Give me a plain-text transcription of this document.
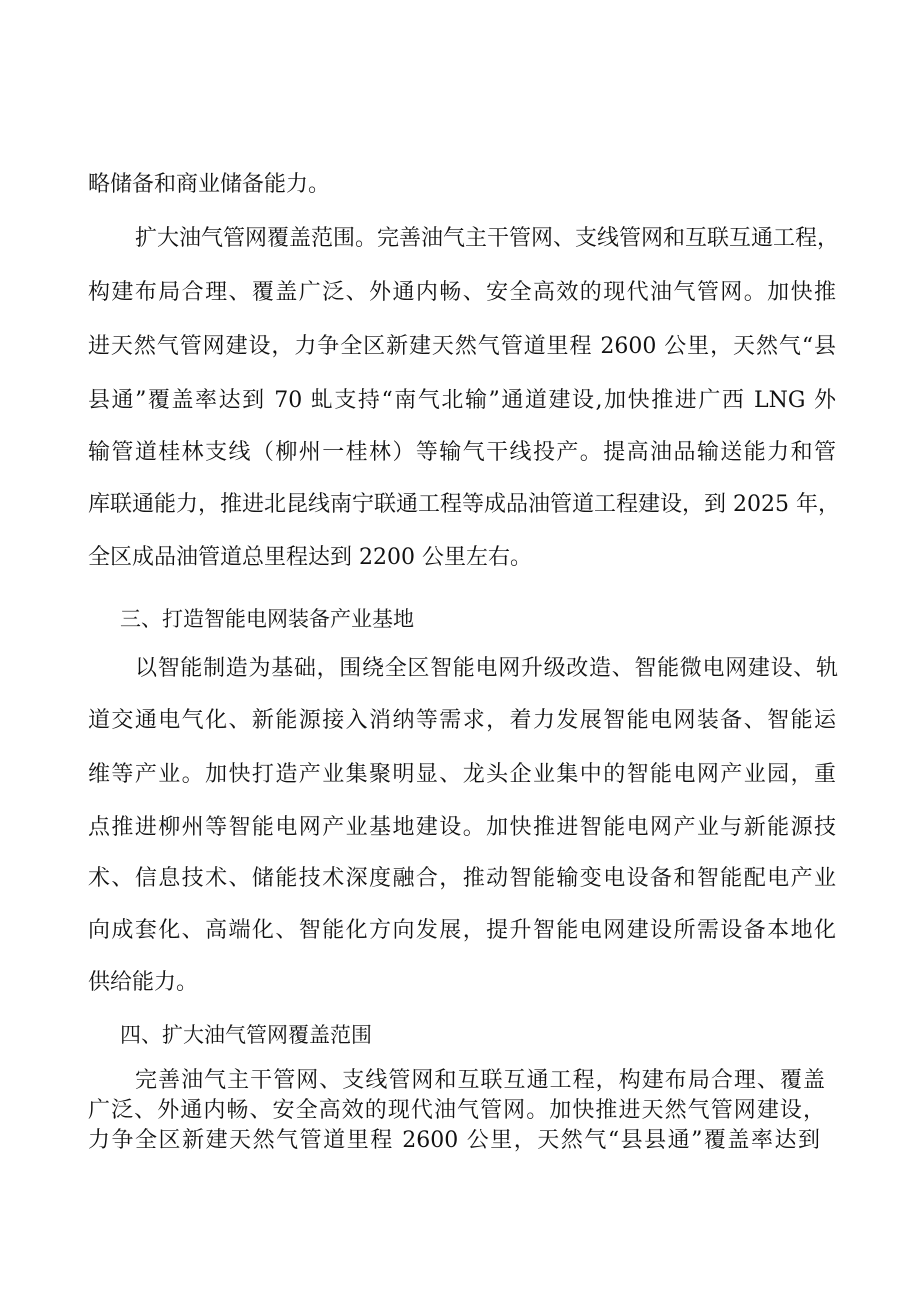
略储备和商业储备能力。
扩大油气管网覆盖范围。完善油气主干管网、支线管网和互联互通工程，
构建布局合理、覆盖广泛、外通内畅、安全高效的现代油气管网。加快推
进天然气管网建设，力争全区新建天然气管道里程 2600 公里，天然气“县
县通”覆盖率达到 70 虬支持“南气北输”通道建设,加快推进广西 LNG 外
输管道桂林支线（柳州一桂林）等输气干线投产。提高油品输送能力和管
库联通能力，推进北昆线南宁联通工程等成品油管道工程建设，到 2025 年，
全区成品油管道总里程达到 2200 公里左右。
三、打造智能电网装备产业基地
以智能制造为基础，围绕全区智能电网升级改造、智能微电网建设、轨
道交通电气化、新能源接入消纳等需求，着力发展智能电网装备、智能运
维等产业。加快打造产业集聚明显、龙头企业集中的智能电网产业园，重
点推进柳州等智能电网产业基地建设。加快推进智能电网产业与新能源技
术、信息技术、储能技术深度融合，推动智能输变电设备和智能配电产业
向成套化、高端化、智能化方向发展，提升智能电网建设所需设备本地化
供给能力。
四、扩大油气管网覆盖范围
完善油气主干管网、支线管网和互联互通工程，构建布局合理、覆盖
广泛、外通内畅、安全高效的现代油气管网。加快推进天然气管网建设，
力争全区新建天然气管道里程 2600 公里，天然气“县县通”覆盖率达到
